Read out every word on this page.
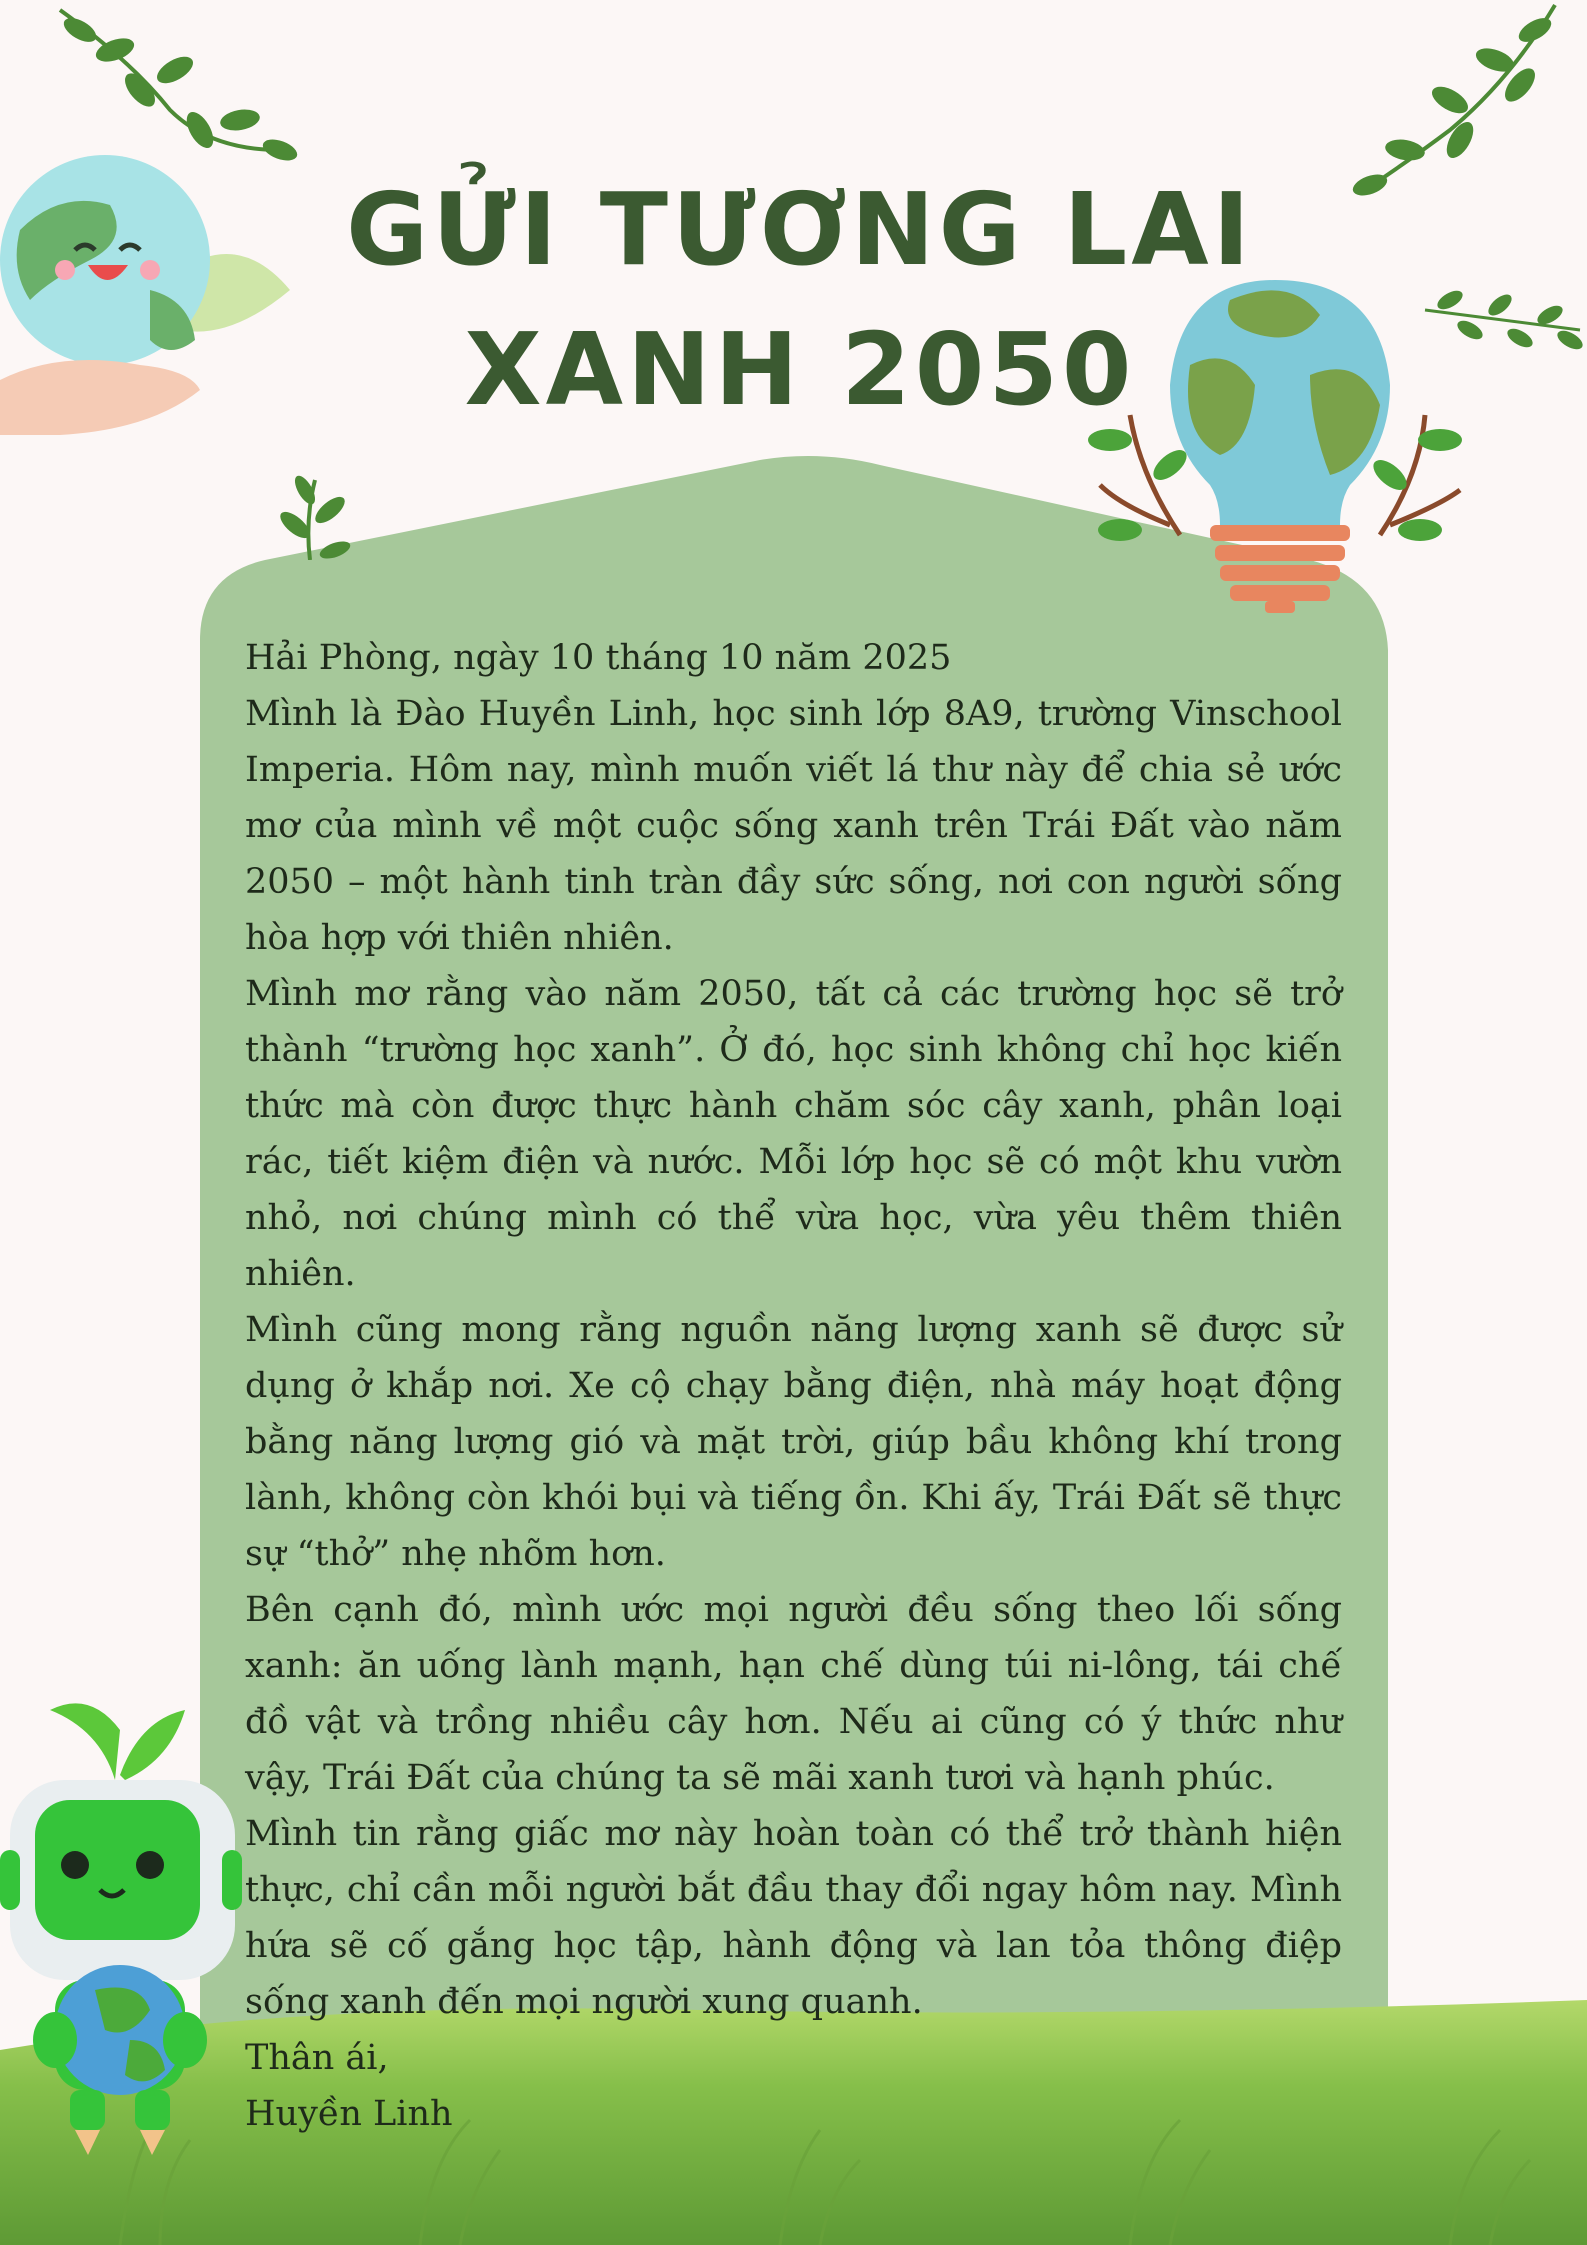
GỬI TƯƠNG LAI
XANH 2050

Hải Phòng, ngày 10 tháng 10 năm 2025

Mình là Đào Huyền Linh, học sinh lớp 8A9, trường Vinschool Imperia. Hôm nay, mình muốn viết lá thư này để chia sẻ ước mơ của mình về một cuộc sống xanh trên Trái Đất vào năm 2050 – một hành tinh tràn đầy sức sống, nơi con người sống hòa hợp với thiên nhiên.

Mình mơ rằng vào năm 2050, tất cả các trường học sẽ trở thành “trường học xanh”. Ở đó, học sinh không chỉ học kiến thức mà còn được thực hành chăm sóc cây xanh, phân loại rác, tiết kiệm điện và nước. Mỗi lớp học sẽ có một khu vườn nhỏ, nơi chúng mình có thể vừa học, vừa yêu thêm thiên nhiên.

Mình cũng mong rằng nguồn năng lượng xanh sẽ được sử dụng ở khắp nơi. Xe cộ chạy bằng điện, nhà máy hoạt động bằng năng lượng gió và mặt trời, giúp bầu không khí trong lành, không còn khói bụi và tiếng ồn. Khi ấy, Trái Đất sẽ thực sự “thở” nhẹ nhõm hơn.

Bên cạnh đó, mình ước mọi người đều sống theo lối sống xanh: ăn uống lành mạnh, hạn chế dùng túi ni-lông, tái chế đồ vật và trồng nhiều cây hơn. Nếu ai cũng có ý thức như vậy, Trái Đất của chúng ta sẽ mãi xanh tươi và hạnh phúc.

Mình tin rằng giấc mơ này hoàn toàn có thể trở thành hiện thực, chỉ cần mỗi người bắt đầu thay đổi ngay hôm nay. Mình hứa sẽ cố gắng học tập, hành động và lan tỏa thông điệp sống xanh đến mọi người xung quanh.

Thân ái,

Huyền Linh
